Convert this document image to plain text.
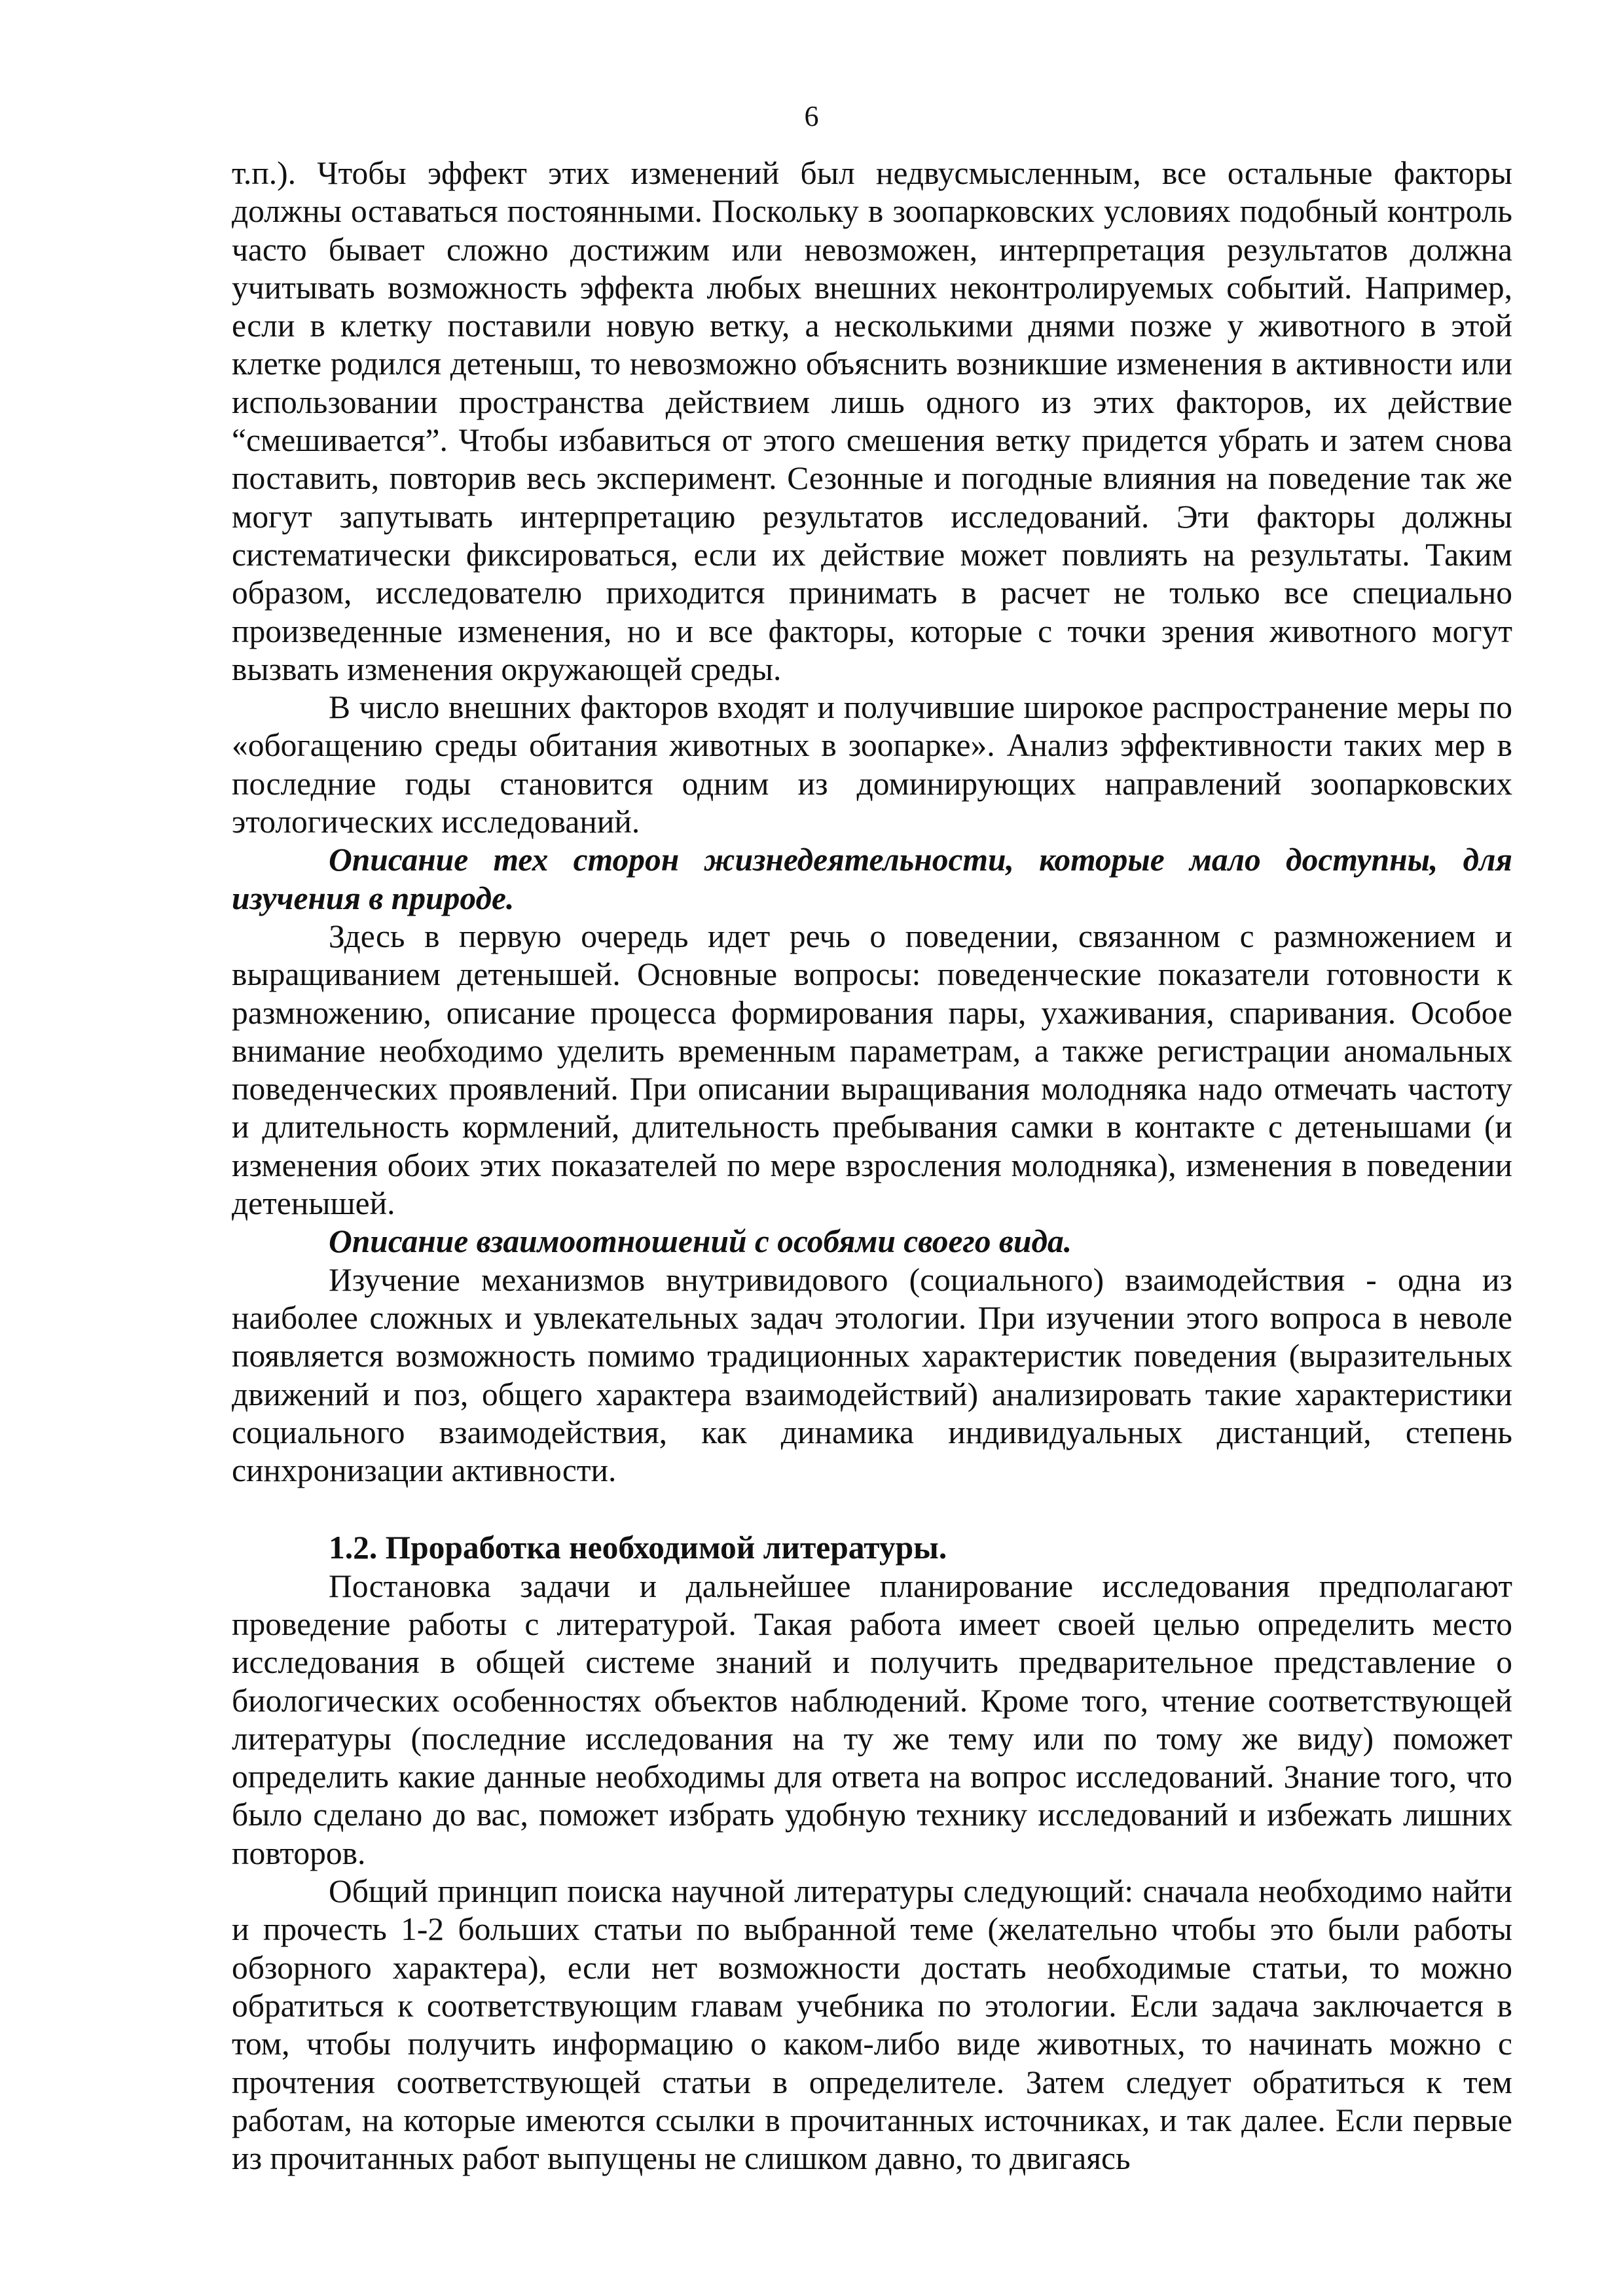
6

т.п.). Чтобы эффект этих изменений был недвусмысленным, все остальные факторы должны оставаться постоянными. Поскольку в зоопарковских условиях подобный контроль часто бывает сложно достижим или невозможен, интерпретация результатов должна учитывать возможность эффекта любых внешних неконтролируемых событий. Например, если в клетку поставили новую ветку, а несколькими днями позже у животного в этой клетке родился детеныш, то невозможно объяснить возникшие изменения в активности или использовании пространства действием лишь одного из этих факторов, их действие “смешивается”. Чтобы избавиться от этого смешения ветку придется убрать и затем снова поставить, повторив весь эксперимент. Сезонные и погодные влияния на поведение так же могут запутывать интерпретацию результатов исследований. Эти факторы должны систематически фиксироваться, если их действие может повлиять на результаты. Таким образом, исследователю приходится принимать в расчет не только все специально произведенные изменения, но и все факторы, которые с точки зрения животного могут вызвать изменения окружающей среды.

В число внешних факторов входят и получившие широкое распространение меры по «обогащению среды обитания животных в зоопарке». Анализ эффективности таких мер в последние годы становится одним из доминирующих направлений зоопарковских этологических исследований.

Описание тех сторон жизнедеятельности, которые мало доступны, для изучения в природе.

Здесь в первую очередь идет речь о поведении, связанном с размножением и выращиванием детенышей. Основные вопросы: поведенческие показатели готовности к размножению, описание процесса формирования пары, ухаживания, спаривания. Особое внимание необходимо уделить временным параметрам, а также регистрации аномальных поведенческих проявлений. При описании выращивания молодняка надо отмечать частоту и длительность кормлений, длительность пребывания самки в контакте с детенышами (и изменения обоих этих показателей по мере взросления молодняка), изменения в поведении детенышей.

Описание взаимоотношений с особями своего вида.

Изучение механизмов внутривидового (социального) взаимодействия - одна из наиболее сложных и увлекательных задач этологии. При изучении этого вопроса в неволе появляется возможность помимо традиционных характеристик поведения (выразительных движений и поз, общего характера взаимодействий) анализировать такие характеристики социального взаимодействия, как динамика индивидуальных дистанций, степень синхронизации активности.

1.2. Проработка необходимой литературы.

Постановка задачи и дальнейшее планирование исследования предполагают проведение работы с литературой. Такая работа имеет своей целью определить место исследования в общей системе знаний и получить предварительное представление о биологических особенностях объектов наблюдений. Кроме того, чтение соответствующей литературы (последние исследования на ту же тему или по тому же виду) поможет определить какие данные необходимы для ответа на вопрос исследований. Знание того, что было сделано до вас, поможет избрать удобную технику исследований и избежать лишних повторов.

Общий принцип поиска научной литературы следующий: сначала необходимо найти и прочесть 1-2 больших статьи по выбранной теме (желательно чтобы это были работы обзорного характера), если нет возможности достать необходимые статьи, то можно обратиться к соответствующим главам учебника по этологии. Если задача заключается в том, чтобы получить информацию о каком-либо виде животных, то начинать можно с прочтения соответствующей статьи в определителе. Затем следует обратиться к тем работам, на которые имеются ссылки в прочитанных источниках, и так далее. Если первые из прочитанных работ выпущены не слишком давно, то двигаясь
